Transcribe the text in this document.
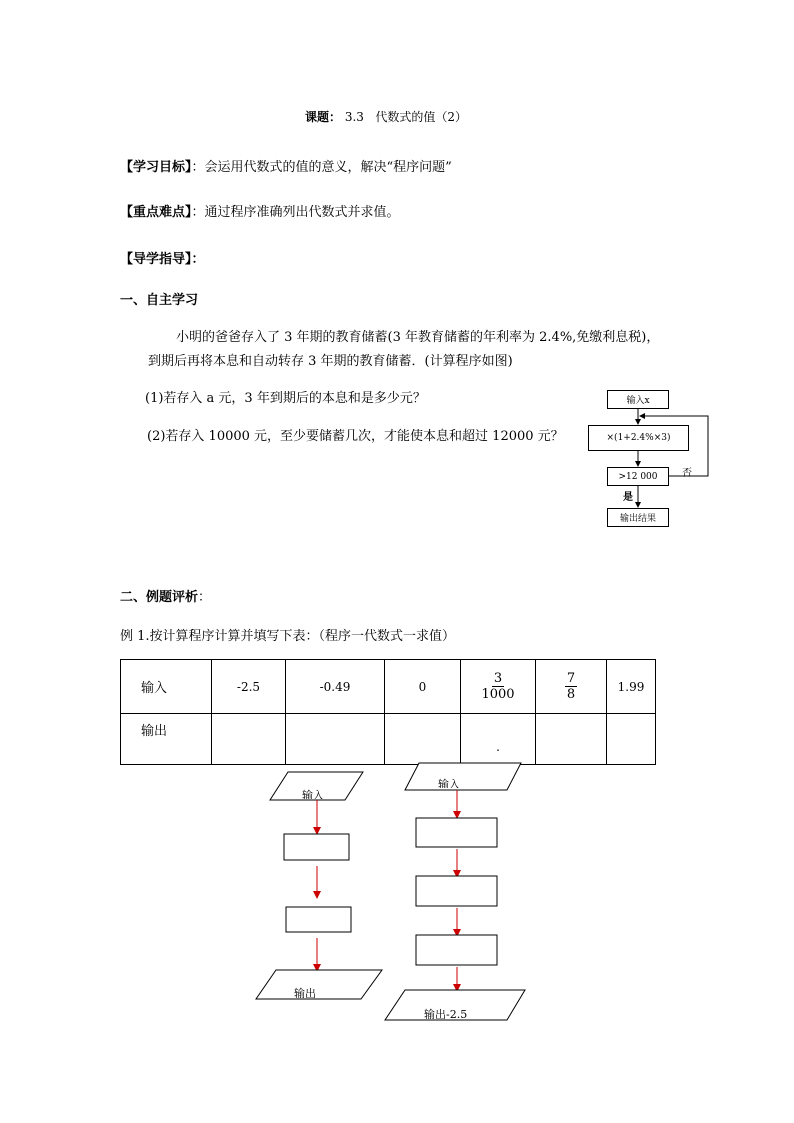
课题： 3.3 代数式的值（2）
【学习目标】：会运用代数式的值的意义，解决“程序问题”
【重点难点】：通过程序准确列出代数式并求值。
【导学指导】：
一、自主学习
小明的爸爸存入了 3 年期的教育储蓄(3 年教育储蓄的年利率为 2.4%,免缴利息税)，
到期后再将本息和自动转存 3 年期的教育储蓄．(计算程序如图)
(1)若存入 a 元，3 年到期后的本息和是多少元？
(2)若存入 10000 元，至少要储蓄几次，才能使本息和超过 12000 元？
输入x
×(1+2.4%×3)
>12 000
输出结果
否
是
二、例题评析：
例 1.按计算程序计算并填写下表：（程序一代数式一求值）
输入	-2.5	-0.49	0	$\frac{3}{1000}$	$\frac{7}{8}$	1.99
输出				.		
输入
输出
输入
输出-2.5
